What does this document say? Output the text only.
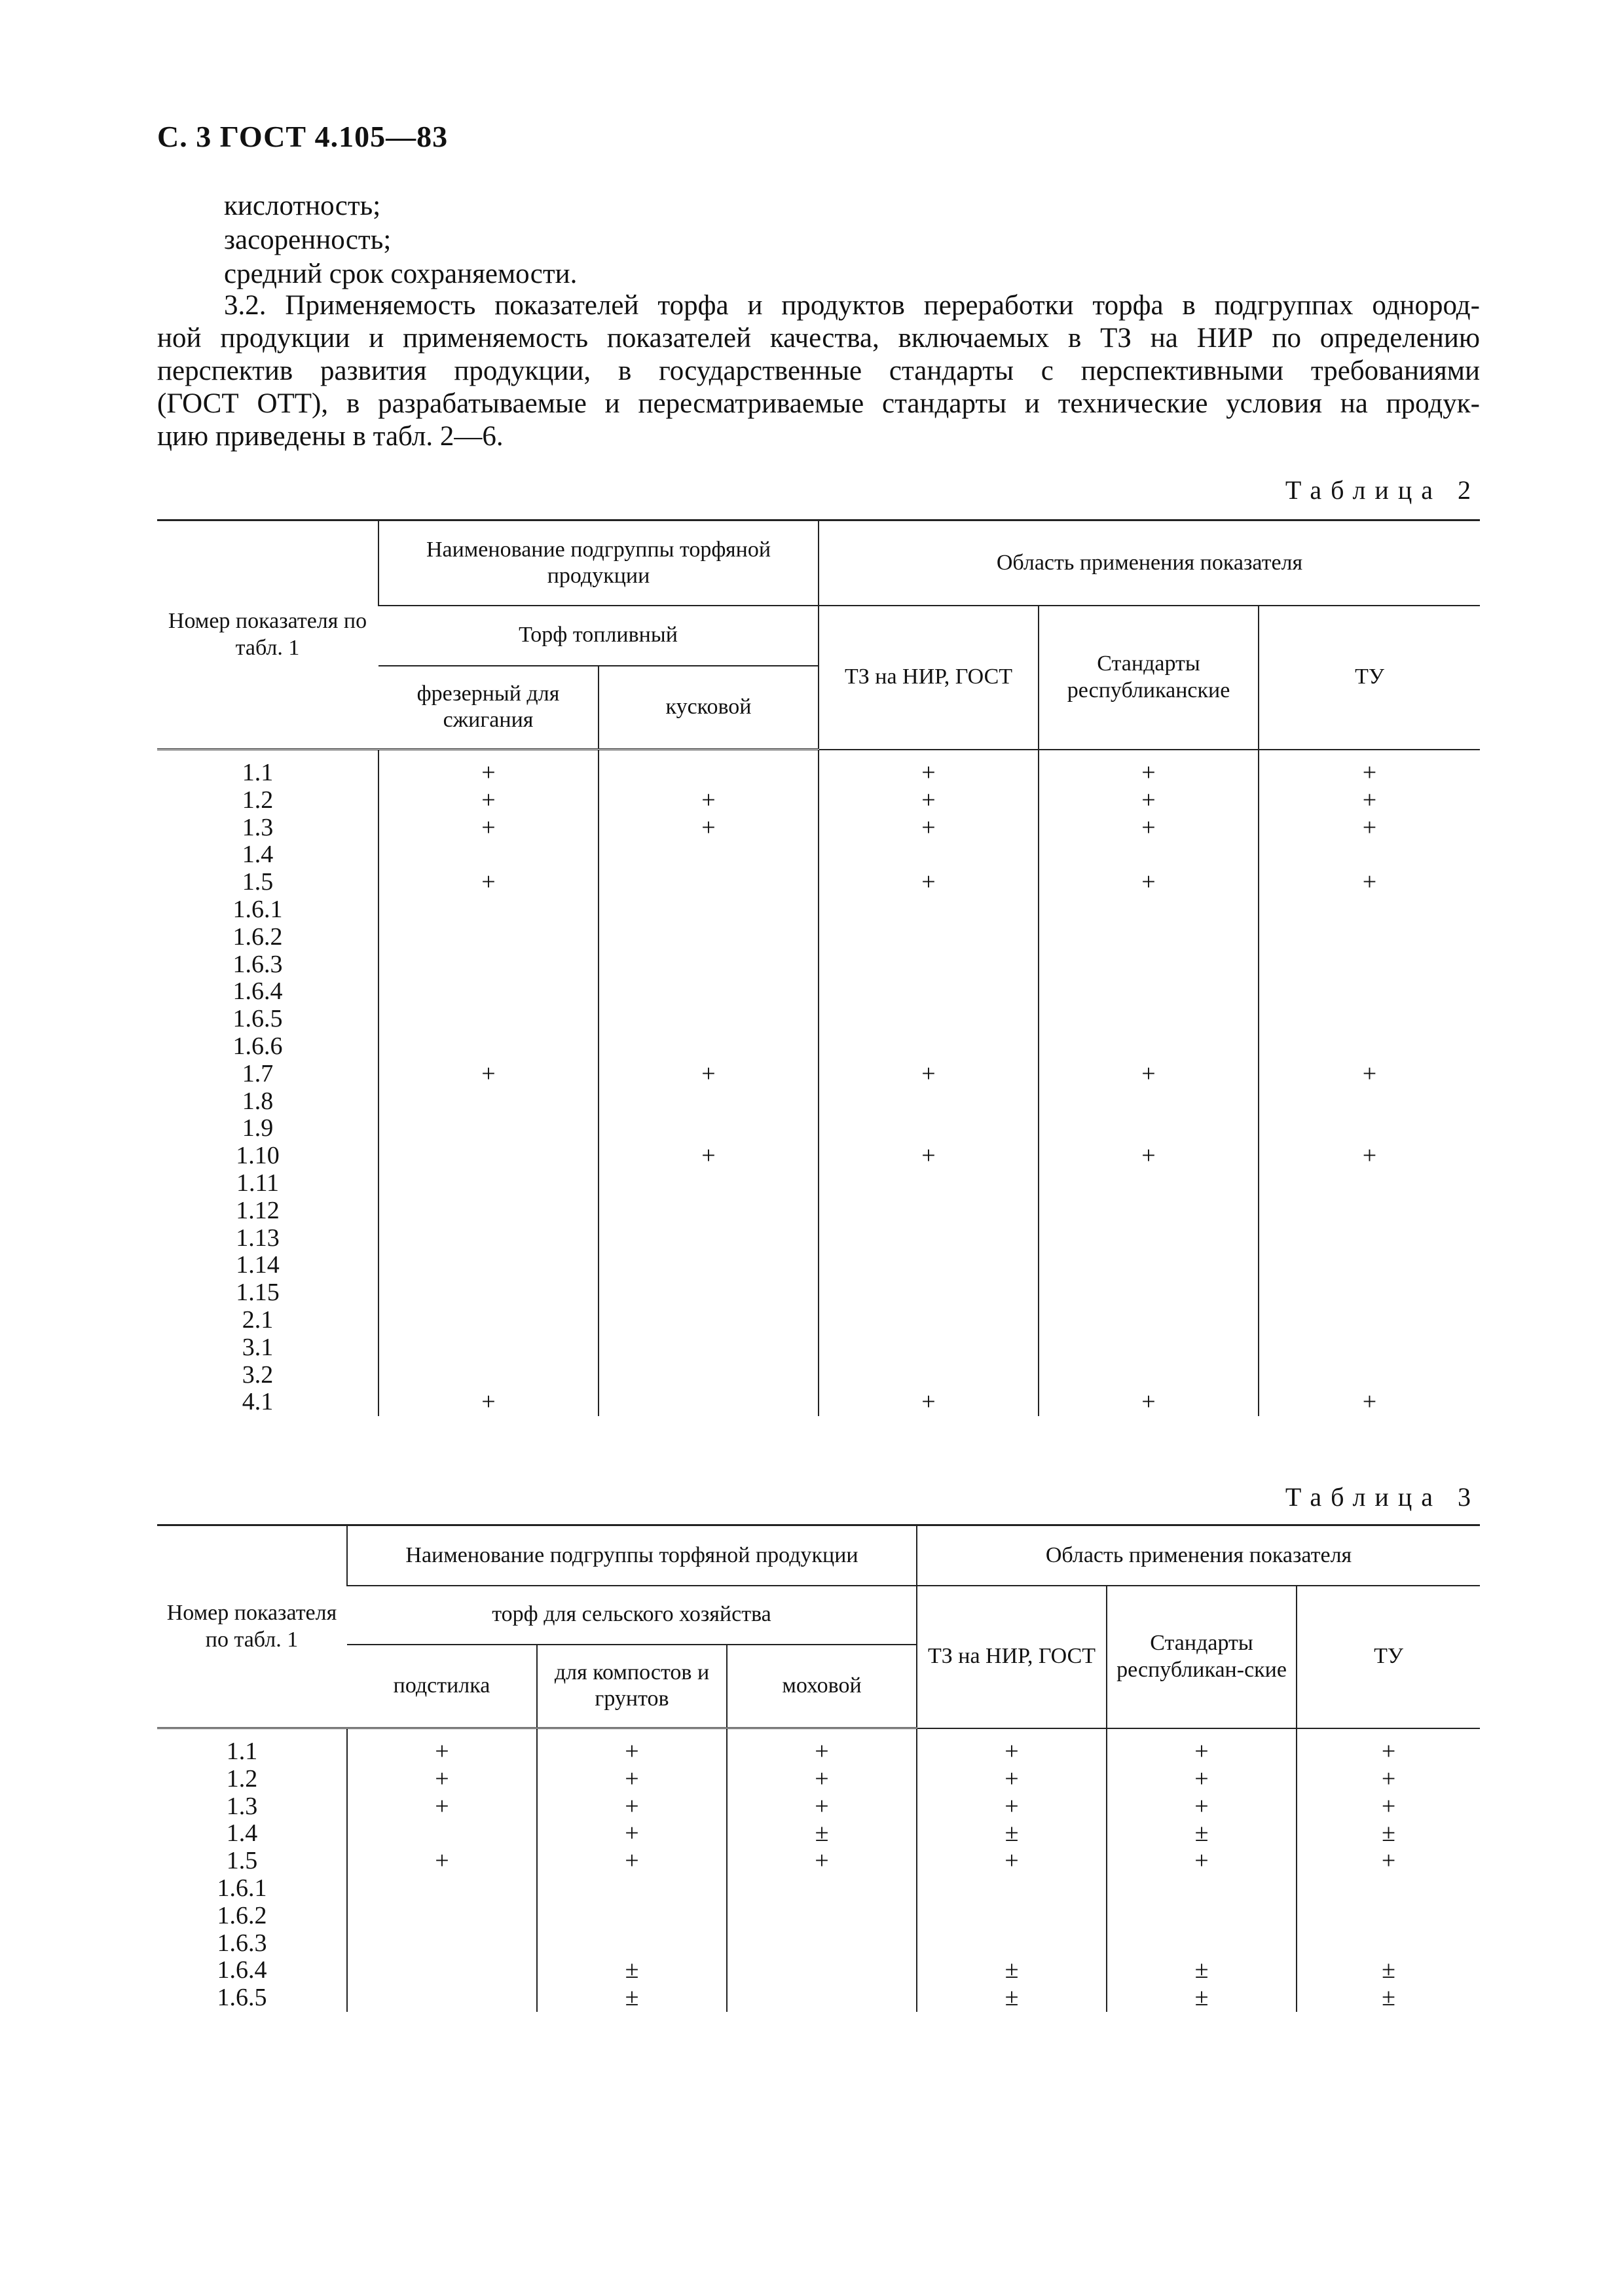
С. 3 ГОСТ 4.105—83
кислотность;
засоренность;
средний срок сохраняемости.
3.2. Применяемость показателей торфа и продуктов переработки торфа в подгруппах однород-
ной продукции и применяемость показателей качества, включаемых в ТЗ на НИР по определению
перспектив развития продукции, в государственные стандарты с перспективными требованиями
(ГОСТ ОТТ), в разрабатываемые и пересматриваемые стандарты и технические условия на продук-
цию приведены в табл. 2—6.
Таблица 2
Номер показателя по табл. 1	Наименование подгруппы торфяной продукции		Область применения показателя		
	Торф топливный		ТЗ на НИР, ГОСТ	Стандарты республиканские	ТУ
	фрезерный для сжигания	кусковой			

1.1	+		+	+	+
1.2	+	+	+	+	+
1.3	+	+	+	+	+
1.4					
1.5	+		+	+	+
1.6.1					
1.6.2					
1.6.3					
1.6.4					
1.6.5					
1.6.6					
1.7	+	+	+	+	+
1.8					
1.9					
1.10		+	+	+	+
1.11					
1.12					
1.13					
1.14					
1.15					
2.1					
3.1					
3.2					
4.1	+		+	+	+
Таблица 3
Номер показателя по табл. 1	Наименование подгруппы торфяной продукции			Область применения показателя		
	торф для сельского хозяйства			ТЗ на НИР, ГОСТ	Стандарты республикан-ские	ТУ
	подстилка	для компостов и грунтов	моховой			

1.1	+	+	+	+	+	+
1.2	+	+	+	+	+	+
1.3	+	+	+	+	+	+
1.4		+	±	±	±	±
1.5	+	+	+	+	+	+
1.6.1						
1.6.2						
1.6.3						
1.6.4		±		±	±	±
1.6.5		±		±	±	±
